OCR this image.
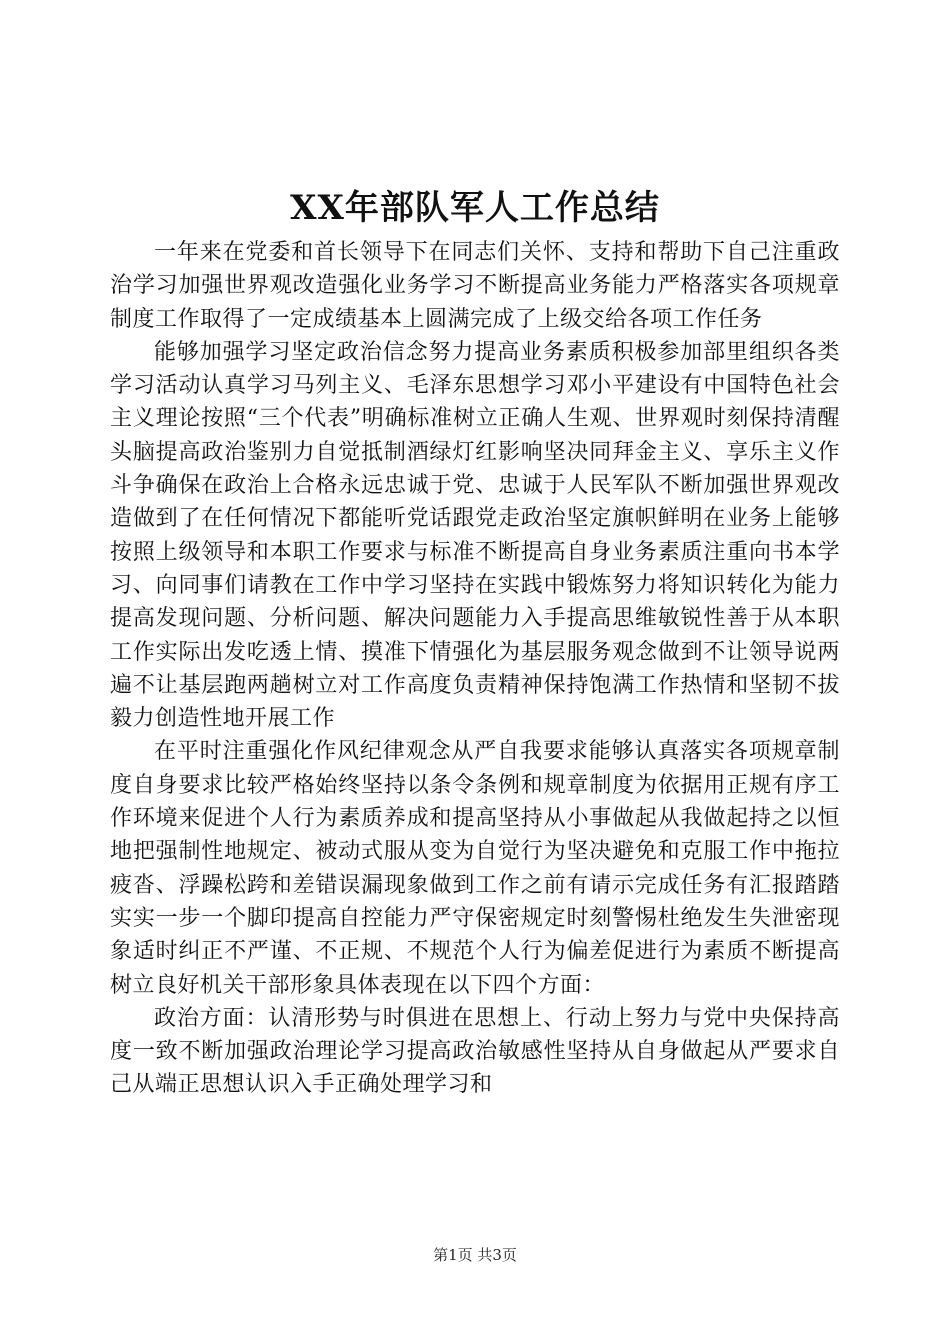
XX年部队军人工作总结

一年来在党委和首长领导下在同志们关怀、支持和帮助下自己注重政治学习加强世界观改造强化业务学习不断提高业务能力严格落实各项规章制度工作取得了一定成绩基本上圆满完成了上级交给各项工作任务

能够加强学习坚定政治信念努力提高业务素质积极参加部里组织各类学习活动认真学习马列主义、毛泽东思想学习邓小平建设有中国特色社会主义理论按照“三个代表”明确标准树立正确人生观、世界观时刻保持清醒头脑提高政治鉴别力自觉抵制酒绿灯红影响坚决同拜金主义、享乐主义作斗争确保在政治上合格永远忠诚于党、忠诚于人民军队不断加强世界观改造做到了在任何情况下都能听党话跟党走政治坚定旗帜鲜明在业务上能够按照上级领导和本职工作要求与标准不断提高自身业务素质注重向书本学习、向同事们请教在工作中学习坚持在实践中锻炼努力将知识转化为能力提高发现问题、分析问题、解决问题能力入手提高思维敏锐性善于从本职工作实际出发吃透上情、摸准下情强化为基层服务观念做到不让领导说两遍不让基层跑两趟树立对工作高度负责精神保持饱满工作热情和坚韧不拔毅力创造性地开展工作

在平时注重强化作风纪律观念从严自我要求能够认真落实各项规章制度自身要求比较严格始终坚持以条令条例和规章制度为依据用正规有序工作环境来促进个人行为素质养成和提高坚持从小事做起从我做起持之以恒地把强制性地规定、被动式服从变为自觉行为坚决避免和克服工作中拖拉疲沓、浮躁松跨和差错误漏现象做到工作之前有请示完成任务有汇报踏踏实实一步一个脚印提高自控能力严守保密规定时刻警惕杜绝发生失泄密现象适时纠正不严谨、不正规、不规范个人行为偏差促进行为素质不断提高树立良好机关干部形象具体表现在以下四个方面：

政治方面：认清形势与时俱进在思想上、行动上努力与党中央保持高度一致不断加强政治理论学习提高政治敏感性坚持从自身做起从严要求自己从端正思想认识入手正确处理学习和

第1页 共3页
